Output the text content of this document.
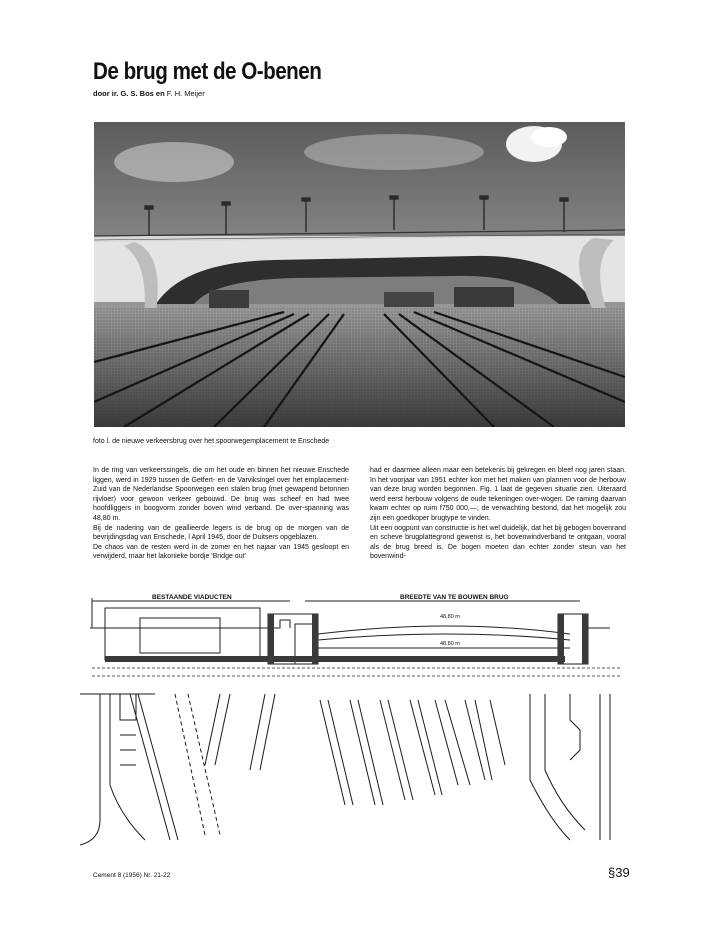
De brug met de O-benen
door ir. G. S. Bos en F. H. Meijer
foto l. de nieuwe verkeersbrug over het spoorwegemplacement te Enschede

In de ring van verkeerssingels, die om het oude en binnen het nieuwe Enschede liggen, werd in 1929 tussen de Getfert- en de Varviksingel over het emplacement-Zuid van de Nederlandse Spoorwegen een stalen brug (met gewapend betonnen rijvloer) voor gewoon verkeer gebouwd. De brug was scheef en had twee hoofdliggers in boogvorm zonder boven wind verband. De over-spanning was 48,80 m.

Bij de nadering van de geallieerde legers is de brug op de morgen van de bevrijdingsdag van Enschede, l April 1945, door de Duitsers opgeblazen.

De chaos van de resten werd in de zomer en het najaar van 1945 gesloopt en verwijderd, maar het lakonieke bordje 'Bridge out'

had er daarmee alleen maar een betekenis bij gekregen en bleef nog jaren staan. In het voorjaar van 1951 echter kon met het maken van plannen voor de herbouw van deze brug worden begonnen. Fig. 1 laat de gegeven situatie zien. Uiteraard werd eerst herbouw volgens de oude tekeningen over-wogen. De raming daarvan kwam echter op ruim f750 000,—; de verwachting bestond, dat het mogelijk zou zijn een goedkoper brugtype te vinden.

Uit een oogpunt van constructie is het wel duidelijk, dat het bij gebogen bovenrand en scheve brugplattegrond gewenst is, het bovenwindverband te ontgaan, vooral als de brug breed is. De bogen moeten dan echter zonder steun van het bovenwind-

BESTAANDE VIADUCTEN	BREEDTE VAN TE BOUWEN BRUG
48,80 m
48,80 m
Cement 8 (1956) Nr. 21-22	§39
